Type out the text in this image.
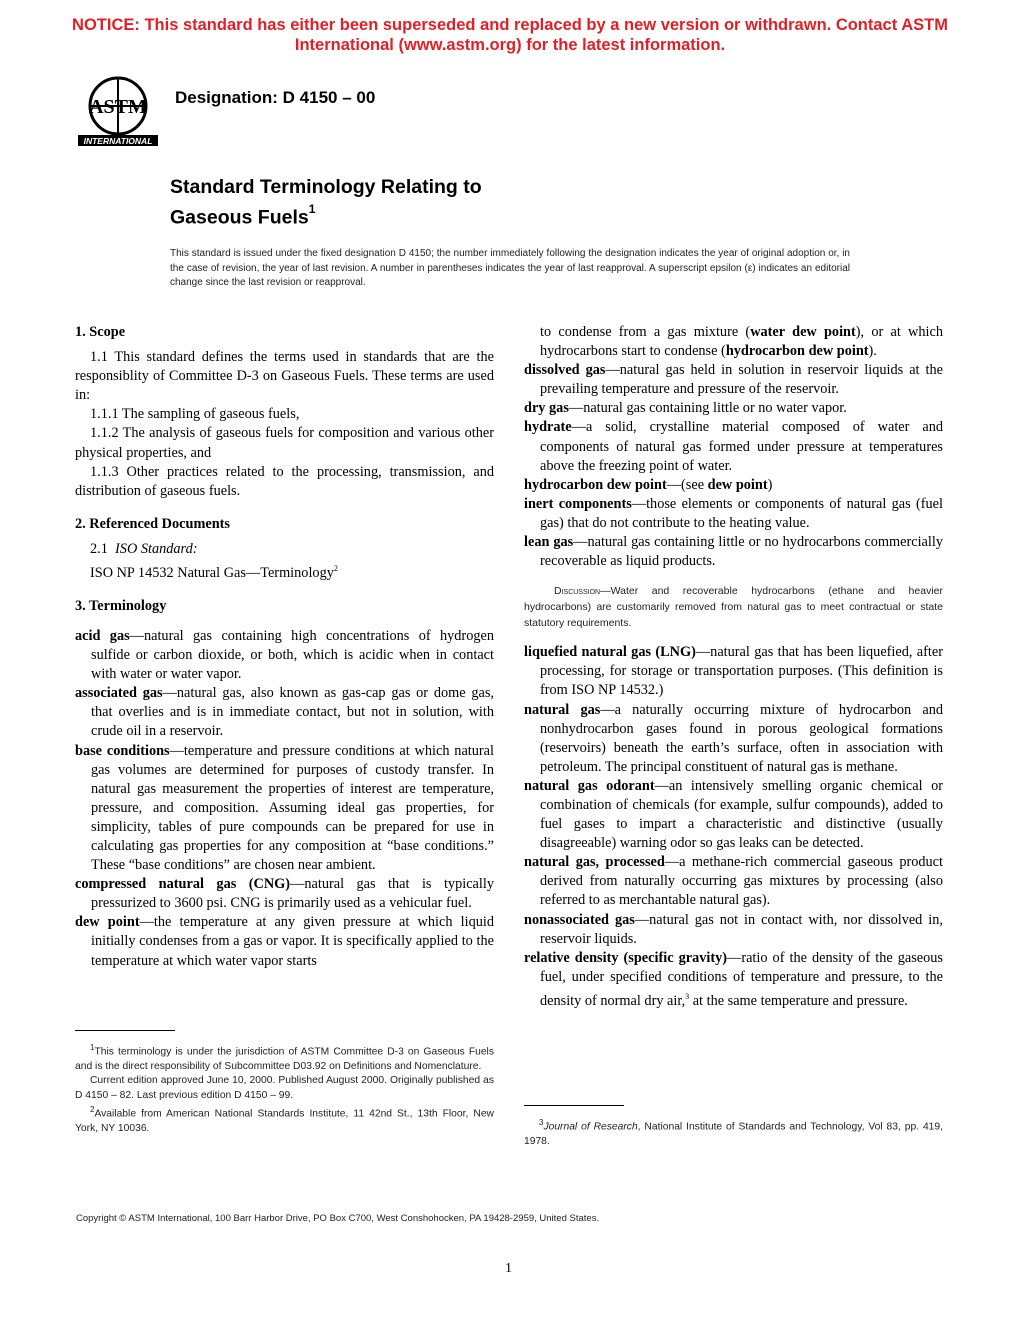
NOTICE: This standard has either been superseded and replaced by a new version or withdrawn. Contact ASTM International (www.astm.org) for the latest information.
ASTM
INTERNATIONAL
Designation: D 4150 – 00
Standard Terminology Relating to
Gaseous Fuels$^1$
This standard is issued under the fixed designation D 4150; the number immediately following the designation indicates the year of original adoption or, in the case of revision, the year of last revision. A number in parentheses indicates the year of last reapproval. A superscript epsilon (ε) indicates an editorial change since the last revision or reapproval.
1. Scope

1.1 This standard defines the terms used in standards that are the responsiblity of Committee D-3 on Gaseous Fuels. These terms are used in:

1.1.1 The sampling of gaseous fuels,

1.1.2 The analysis of gaseous fuels for composition and various other physical properties, and

1.1.3 Other practices related to the processing, transmission, and distribution of gaseous fuels.

2. Referenced Documents

2.1 ISO Standard:

ISO NP 14532 Natural Gas—Terminology$^2$

3. Terminology

acid gas—natural gas containing high concentrations of hydrogen sulfide or carbon dioxide, or both, which is acidic when in contact with water or water vapor.

associated gas—natural gas, also known as gas-cap gas or dome gas, that overlies and is in immediate contact, but not in solution, with crude oil in a reservoir.

base conditions—temperature and pressure conditions at which natural gas volumes are determined for purposes of custody transfer. In natural gas measurement the properties of interest are temperature, pressure, and composition. Assuming ideal gas properties, for simplicity, tables of pure compounds can be prepared for use in calculating gas properties for any composition at “base conditions.” These “base conditions” are chosen near ambient.

compressed natural gas (CNG)—natural gas that is typically pressurized to 3600 psi. CNG is primarily used as a vehicular fuel.

dew point—the temperature at any given pressure at which liquid initially condenses from a gas or vapor. It is specifically applied to the temperature at which water vapor starts

to condense from a gas mixture (water dew point), or at which hydrocarbons start to condense (hydrocarbon dew point).

dissolved gas—natural gas held in solution in reservoir liquids at the prevailing temperature and pressure of the reservoir.

dry gas—natural gas containing little or no water vapor.

hydrate—a solid, crystalline material composed of water and components of natural gas formed under pressure at temperatures above the freezing point of water.

hydrocarbon dew point—(see dew point)

inert components—those elements or components of natural gas (fuel gas) that do not contribute to the heating value.

lean gas—natural gas containing little or no hydrocarbons commercially recoverable as liquid products.

Discussion—Water and recoverable hydrocarbons (ethane and heavier hydrocarbons) are customarily removed from natural gas to meet contractual or state statutory requirements.

liquefied natural gas (LNG)—natural gas that has been liquefied, after processing, for storage or transportation purposes. (This definition is from ISO NP 14532.)

natural gas—a naturally occurring mixture of hydrocarbon and nonhydrocarbon gases found in porous geological formations (reservoirs) beneath the earth’s surface, often in association with petroleum. The principal constituent of natural gas is methane.

natural gas odorant—an intensively smelling organic chemical or combination of chemicals (for example, sulfur compounds), added to fuel gases to impart a characteristic and distinctive (usually disagreeable) warning odor so gas leaks can be detected.

natural gas, processed—a methane-rich commercial gaseous product derived from naturally occurring gas mixtures by processing (also referred to as merchantable natural gas).

nonassociated gas—natural gas not in contact with, nor dissolved in, reservoir liquids.

relative density (specific gravity)—ratio of the density of the gaseous fuel, under specified conditions of temperature and pressure, to the density of normal dry air,$^3$ at the same temperature and pressure.

$^1$This terminology is under the jurisdiction of ASTM Committee D-3 on Gaseous Fuels and is the direct responsibility of Subcommittee D03.92 on Definitions and Nomenclature.

Current edition approved June 10, 2000. Published August 2000. Originally published as D 4150 – 82. Last previous edition D 4150 – 99.

$^2$Available from American National Standards Institute, 11 42nd St., 13th Floor, New York, NY 10036.

$^3$Journal of Research, National Institute of Standards and Technology, Vol 83, pp. 419, 1978.

Copyright © ASTM International, 100 Barr Harbor Drive, PO Box C700, West Conshohocken, PA 19428-2959, United States.
1
